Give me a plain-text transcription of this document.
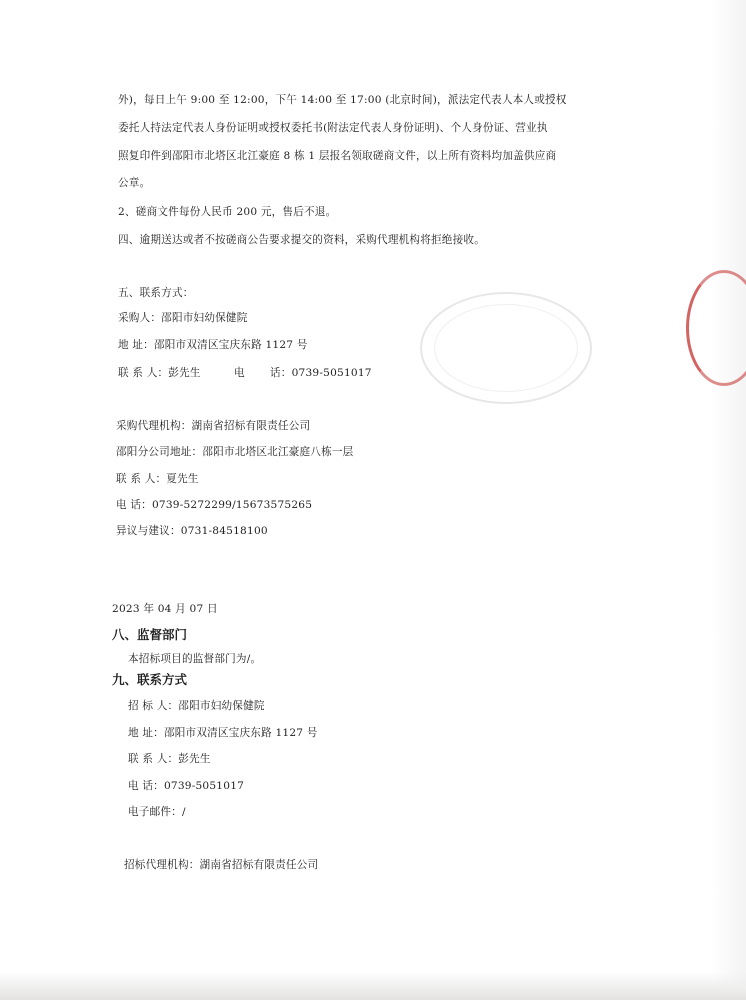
外)，每日上午 9:00 至 12:00，下午 14:00 至 17:00 (北京时间)，派法定代表人本人或授权
委托人持法定代表人身份证明或授权委托书(附法定代表人身份证明)、个人身份证、营业执
照复印件到邵阳市北塔区北江豪庭 8 栋 1 层报名领取磋商文件，以上所有资料均加盖供应商
公章。
2、磋商文件每份人民币 200 元，售后不退。
四、逾期送达或者不按磋商公告要求提交的资料，采购代理机构将拒绝接收。
五、联系方式：
采购人：邵阳市妇幼保健院
地 址：邵阳市双清区宝庆东路 1127 号
联 系 人：彭先生	电 话：0739-5051017
采购代理机构：湖南省招标有限责任公司
邵阳分公司地址：邵阳市北塔区北江豪庭八栋一层
联 系 人：夏先生
电 话：0739-5272299/15673575265
异议与建议：0731-84518100
2023 年 04 月 07 日
八、监督部门
本招标项目的监督部门为/。
九、联系方式
招 标 人：邵阳市妇幼保健院
地 址：邵阳市双清区宝庆东路 1127 号
联 系 人：彭先生
电 话：0739-5051017
电子邮件：/
招标代理机构：湖南省招标有限责任公司
